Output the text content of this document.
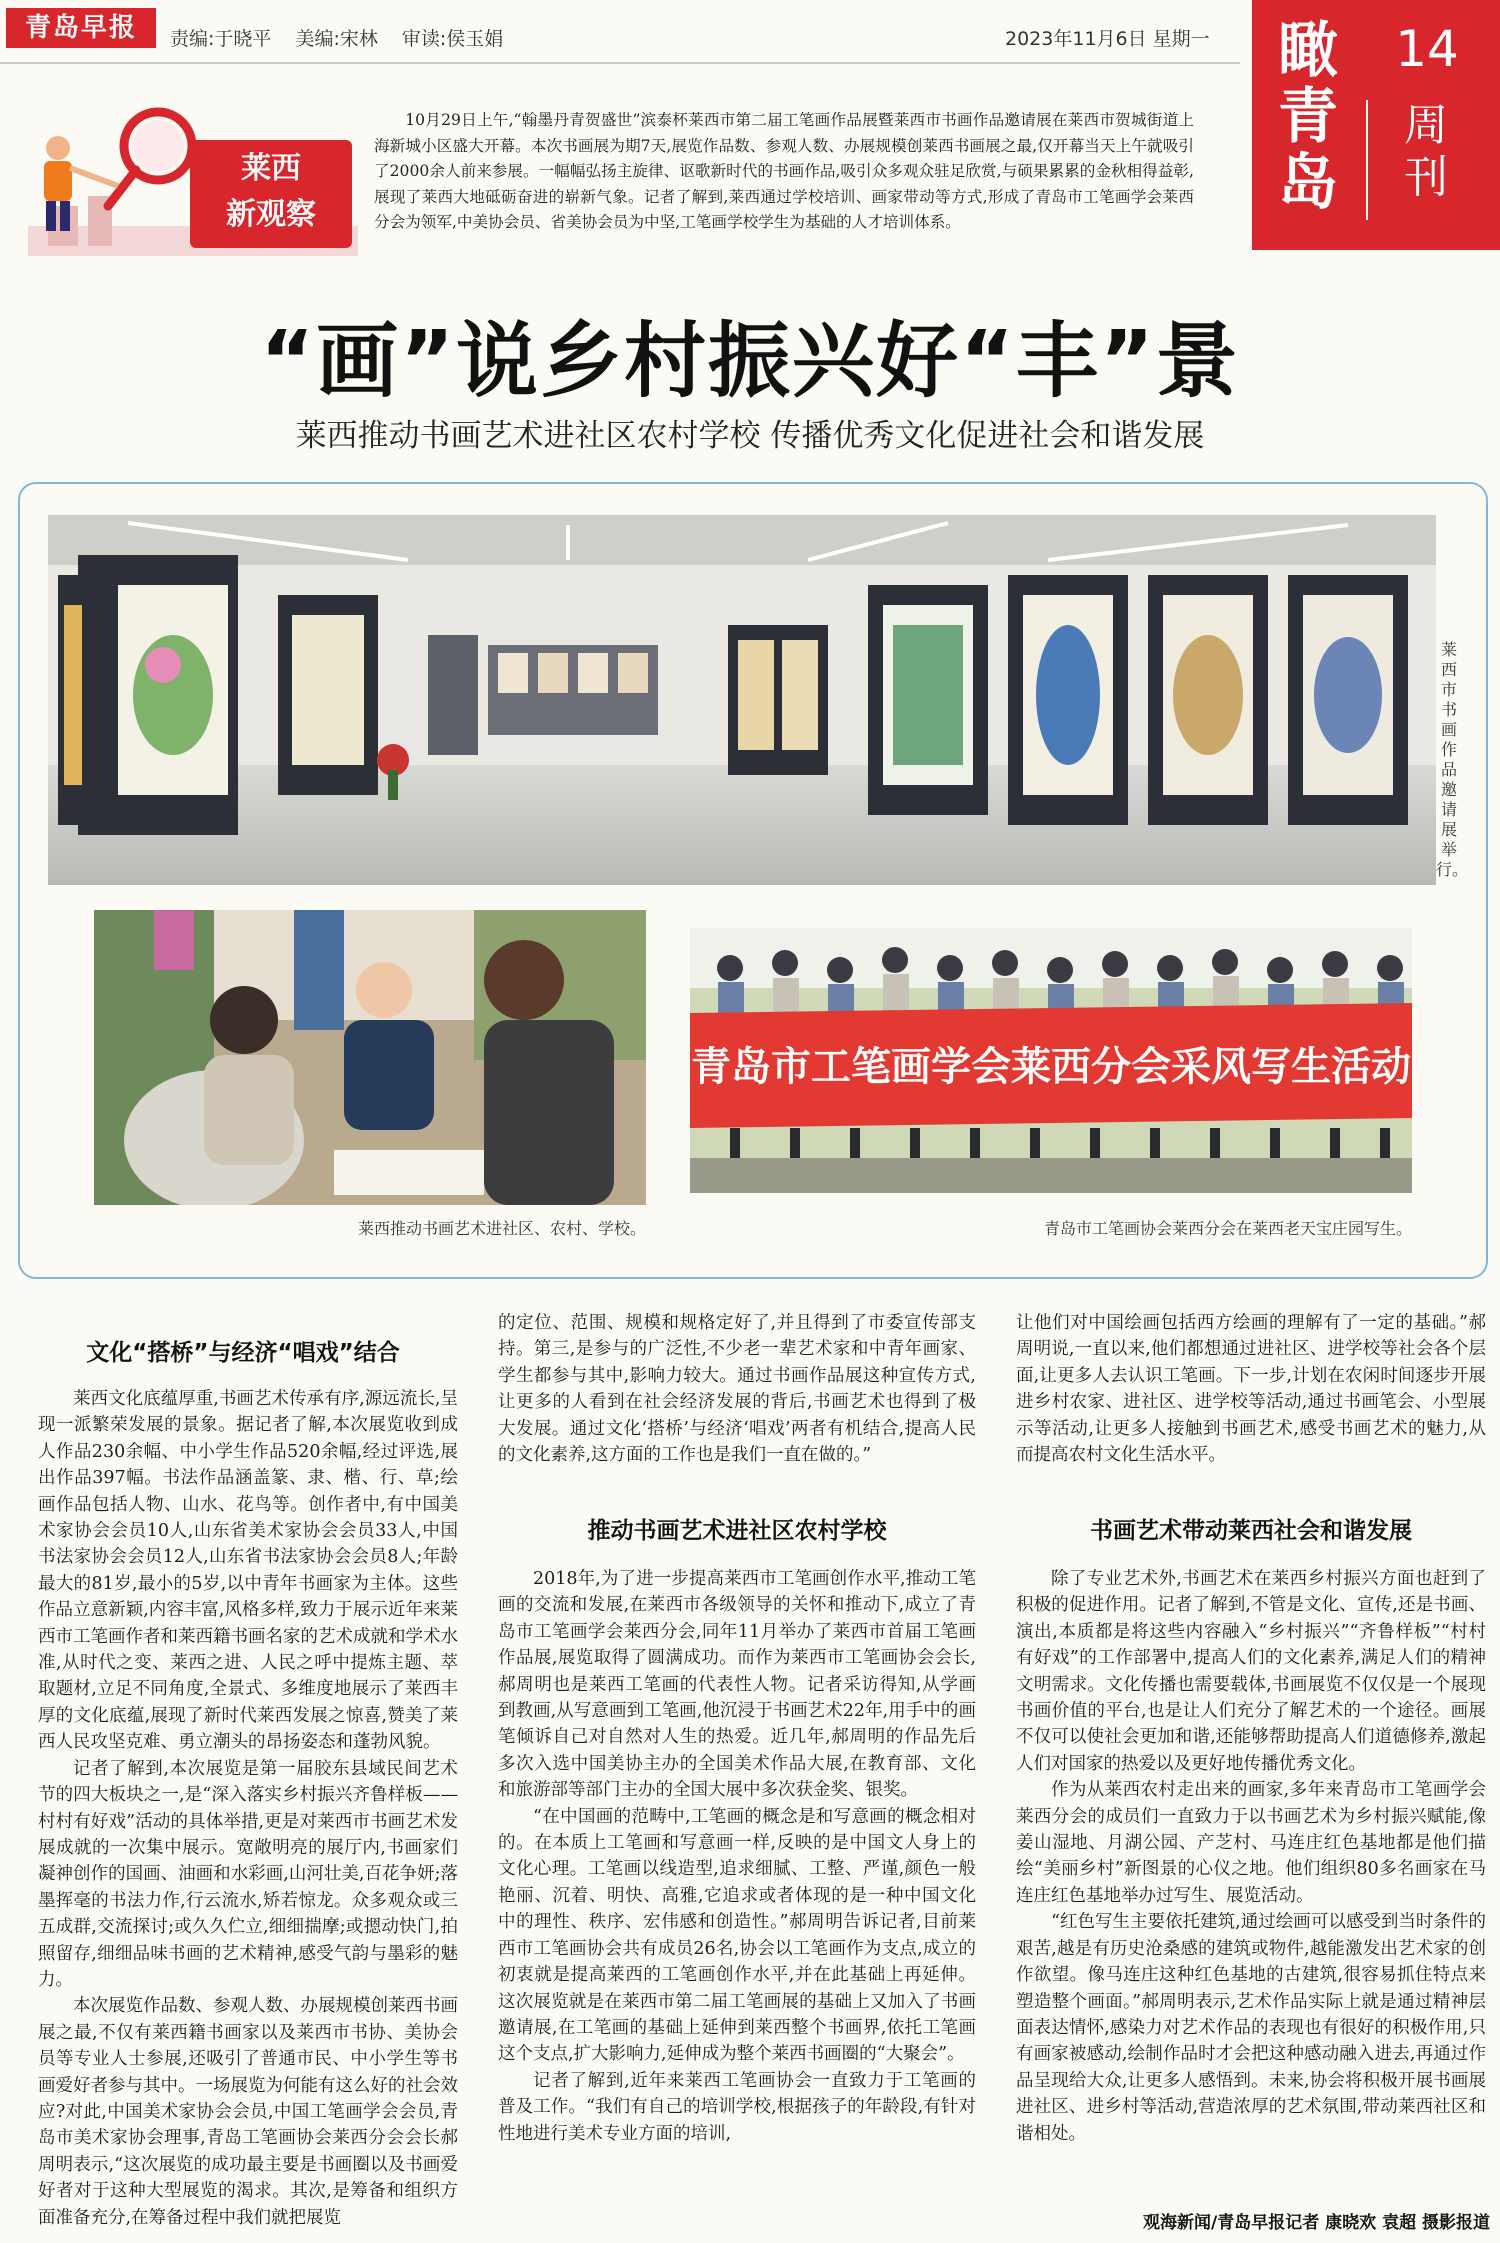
青岛早报	责编:于晓平 美编:宋林 审读:侯玉娟	2023年11月6日 星期一 瞰青岛
14
周刊
莱西
新观察
10月29日上午,“翰墨丹青贺盛世”滨泰杯莱西市第二届工笔画作品展暨莱西市书画作品邀请展在莱西市贺城街道上海新城小区盛大开幕。本次书画展为期7天,展览作品数、参观人数、办展规模创莱西书画展之最,仅开幕当天上午就吸引了2000余人前来参展。一幅幅弘扬主旋律、讴歌新时代的书画作品,吸引众多观众驻足欣赏,与硕果累累的金秋相得益彰,展现了莱西大地砥砺奋进的崭新气象。记者了解到,莱西通过学校培训、画家带动等方式,形成了青岛市工笔画学会莱西分会为领军,中美协会员、省美协会员为中坚,工笔画学校学生为基础的人才培训体系。
“画”说乡村振兴好“丰”景
莱西推动书画艺术进社区农村学校 传播优秀文化促进社会和谐发展
莱西市书画作品邀请展举行。
莱西推动书画艺术进社区、农村、学校。
青岛市工笔画学会莱西分会采风写生活动
青岛市工笔画协会莱西分会在莱西老天宝庄园写生。
文化“搭桥”与经济“唱戏”结合

莱西文化底蕴厚重,书画艺术传承有序,源远流长,呈现一派繁荣发展的景象。据记者了解,本次展览收到成人作品230余幅、中小学生作品520余幅,经过评选,展出作品397幅。书法作品涵盖篆、隶、楷、行、草;绘画作品包括人物、山水、花鸟等。创作者中,有中国美术家协会会员10人,山东省美术家协会会员33人,中国书法家协会会员12人,山东省书法家协会会员8人;年龄最大的81岁,最小的5岁,以中青年书画家为主体。这些作品立意新颖,内容丰富,风格多样,致力于展示近年来莱西市工笔画作者和莱西籍书画名家的艺术成就和学术水准,从时代之变、莱西之进、人民之呼中提炼主题、萃取题材,立足不同角度,全景式、多维度地展示了莱西丰厚的文化底蕴,展现了新时代莱西发展之惊喜,赞美了莱西人民攻坚克难、勇立潮头的昂扬姿态和蓬勃风貌。

记者了解到,本次展览是第一届胶东县域民间艺术节的四大板块之一,是“深入落实乡村振兴齐鲁样板——村村有好戏”活动的具体举措,更是对莱西市书画艺术发展成就的一次集中展示。宽敞明亮的展厅内,书画家们凝神创作的国画、油画和水彩画,山河壮美,百花争妍;落墨挥毫的书法力作,行云流水,矫若惊龙。众多观众或三五成群,交流探讨;或久久伫立,细细揣摩;或摁动快门,拍照留存,细细品味书画的艺术精神,感受气韵与墨彩的魅力。

本次展览作品数、参观人数、办展规模创莱西书画展之最,不仅有莱西籍书画家以及莱西市书协、美协会员等专业人士参展,还吸引了普通市民、中小学生等书画爱好者参与其中。一场展览为何能有这么好的社会效应?对此,中国美术家协会会员,中国工笔画学会会员,青岛市美术家协会理事,青岛工笔画协会莱西分会会长郝周明表示,“这次展览的成功最主要是书画圈以及书画爱好者对于这种大型展览的渴求。其次,是筹备和组织方面准备充分,在筹备过程中我们就把展览

的定位、范围、规模和规格定好了,并且得到了市委宣传部支持。第三,是参与的广泛性,不少老一辈艺术家和中青年画家、学生都参与其中,影响力较大。通过书画作品展这种宣传方式,让更多的人看到在社会经济发展的背后,书画艺术也得到了极大发展。通过文化‘搭桥’与经济‘唱戏’两者有机结合,提高人民的文化素养,这方面的工作也是我们一直在做的。”

推动书画艺术进社区农村学校

2018年,为了进一步提高莱西市工笔画创作水平,推动工笔画的交流和发展,在莱西市各级领导的关怀和推动下,成立了青岛市工笔画学会莱西分会,同年11月举办了莱西市首届工笔画作品展,展览取得了圆满成功。而作为莱西市工笔画协会会长,郝周明也是莱西工笔画的代表性人物。记者采访得知,从学画到教画,从写意画到工笔画,他沉浸于书画艺术22年,用手中的画笔倾诉自己对自然对人生的热爱。近几年,郝周明的作品先后多次入选中国美协主办的全国美术作品大展,在教育部、文化和旅游部等部门主办的全国大展中多次获金奖、银奖。

“在中国画的范畴中,工笔画的概念是和写意画的概念相对的。在本质上工笔画和写意画一样,反映的是中国文人身上的文化心理。工笔画以线造型,追求细腻、工整、严谨,颜色一般艳丽、沉着、明快、高雅,它追求或者体现的是一种中国文化中的理性、秩序、宏伟感和创造性。”郝周明告诉记者,目前莱西市工笔画协会共有成员26名,协会以工笔画作为支点,成立的初衷就是提高莱西的工笔画创作水平,并在此基础上再延伸。这次展览就是在莱西市第二届工笔画展的基础上又加入了书画邀请展,在工笔画的基础上延伸到莱西整个书画界,依托工笔画这个支点,扩大影响力,延伸成为整个莱西书画圈的“大聚会”。

记者了解到,近年来莱西工笔画协会一直致力于工笔画的普及工作。“我们有自己的培训学校,根据孩子的年龄段,有针对性地进行美术专业方面的培训,

让他们对中国绘画包括西方绘画的理解有了一定的基础。”郝周明说,一直以来,他们都想通过进社区、进学校等社会各个层面,让更多人去认识工笔画。下一步,计划在农闲时间逐步开展进乡村农家、进社区、进学校等活动,通过书画笔会、小型展示等活动,让更多人接触到书画艺术,感受书画艺术的魅力,从而提高农村文化生活水平。

书画艺术带动莱西社会和谐发展

除了专业艺术外,书画艺术在莱西乡村振兴方面也赶到了积极的促进作用。记者了解到,不管是文化、宣传,还是书画、演出,本质都是将这些内容融入“乡村振兴”“齐鲁样板”“村村有好戏”的工作部署中,提高人们的文化素养,满足人们的精神文明需求。文化传播也需要载体,书画展览不仅仅是一个展现书画价值的平台,也是让人们充分了解艺术的一个途径。画展不仅可以使社会更加和谐,还能够帮助提高人们道德修养,激起人们对国家的热爱以及更好地传播优秀文化。

作为从莱西农村走出来的画家,多年来青岛市工笔画学会莱西分会的成员们一直致力于以书画艺术为乡村振兴赋能,像姜山湿地、月湖公园、产芝村、马连庄红色基地都是他们描绘“美丽乡村”新图景的心仪之地。他们组织80多名画家在马连庄红色基地举办过写生、展览活动。

“红色写生主要依托建筑,通过绘画可以感受到当时条件的艰苦,越是有历史沧桑感的建筑或物件,越能激发出艺术家的创作欲望。像马连庄这种红色基地的古建筑,很容易抓住特点来塑造整个画面。”郝周明表示,艺术作品实际上就是通过精神层面表达情怀,感染力对艺术作品的表现也有很好的积极作用,只有画家被感动,绘制作品时才会把这种感动融入进去,再通过作品呈现给大众,让更多人感悟到。未来,协会将积极开展书画展进社区、进乡村等活动,营造浓厚的艺术氛围,带动莱西社区和谐相处。

观海新闻/青岛早报记者 康晓欢 袁超 摄影报道
